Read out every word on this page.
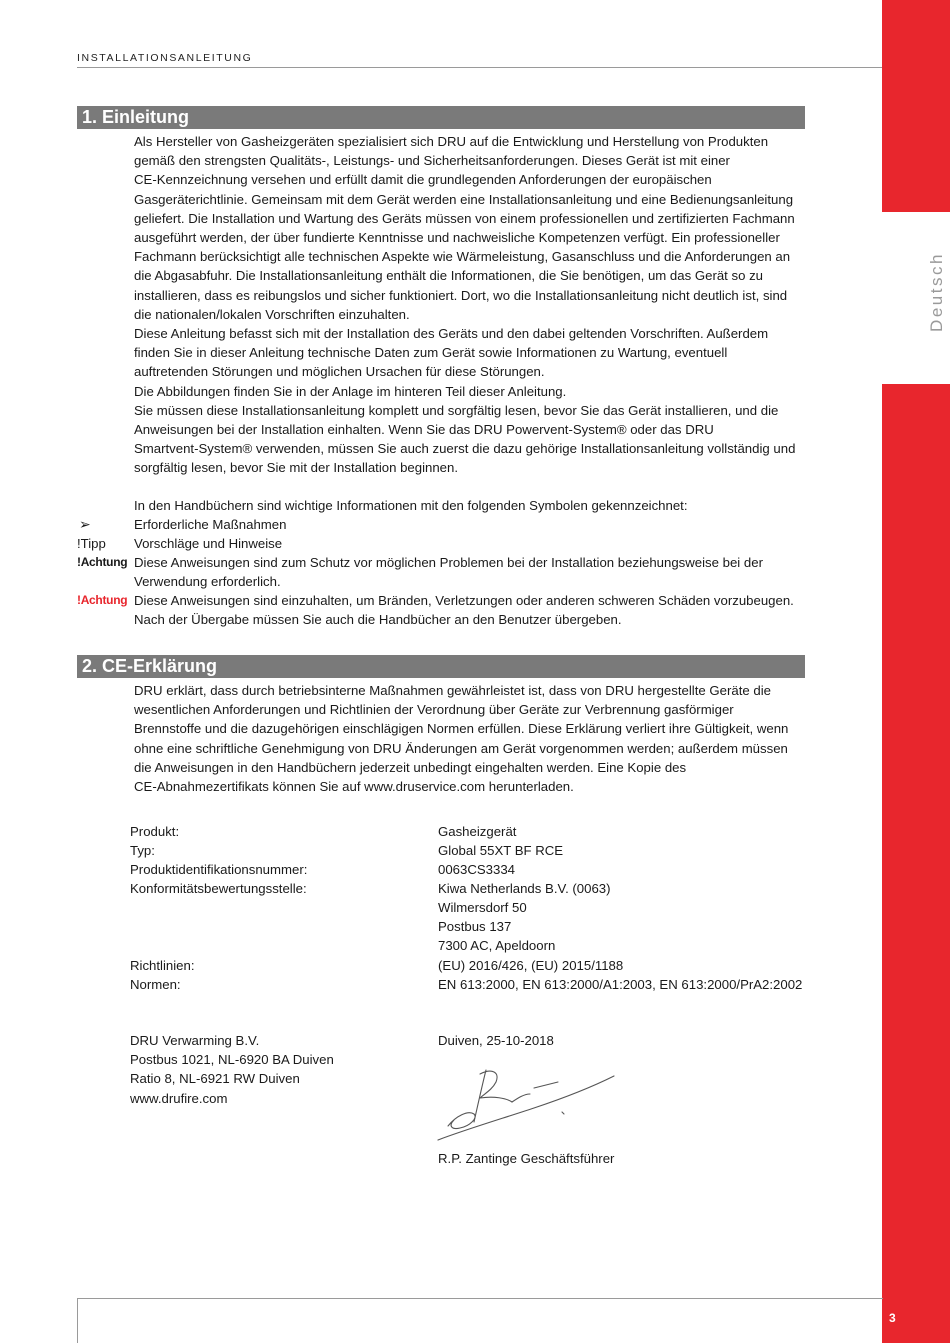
INSTALLATIONSANLEITUNG
Deutsch
1. Einleitung

Als Hersteller von Gasheizgeräten spezialisiert sich DRU auf die Entwicklung und Herstellung von Produkten

gemäß den strengsten Qualitäts-, Leistungs- und Sicherheitsanforderungen. Dieses Gerät ist mit einer

CE-Kennzeichnung versehen und erfüllt damit die grundlegenden Anforderungen der europäischen

Gasgeräterichtlinie. Gemeinsam mit dem Gerät werden eine Installationsanleitung und eine Bedienungsanleitung

geliefert. Die Installation und Wartung des Geräts müssen von einem professionellen und zertifizierten Fachmann

ausgeführt werden, der über fundierte Kenntnisse und nachweisliche Kompetenzen verfügt. Ein professioneller

Fachmann berücksichtigt alle technischen Aspekte wie Wärmeleistung, Gasanschluss und die Anforderungen an

die Abgasabfuhr. Die Installationsanleitung enthält die Informationen, die Sie benötigen, um das Gerät so zu

installieren, dass es reibungslos und sicher funktioniert. Dort, wo die Installationsanleitung nicht deutlich ist, sind

die nationalen/lokalen Vorschriften einzuhalten.

Diese Anleitung befasst sich mit der Installation des Geräts und den dabei geltenden Vorschriften. Außerdem

finden Sie in dieser Anleitung technische Daten zum Gerät sowie Informationen zu Wartung, eventuell

auftretenden Störungen und möglichen Ursachen für diese Störungen.

Die Abbildungen finden Sie in der Anlage im hinteren Teil dieser Anleitung.

Sie müssen diese Installationsanleitung komplett und sorgfältig lesen, bevor Sie das Gerät installieren, und die

Anweisungen bei der Installation einhalten. Wenn Sie das DRU Powervent-System® oder das DRU

Smartvent-System® verwenden, müssen Sie auch zuerst die dazu gehörige Installationsanleitung vollständig und

sorgfältig lesen, bevor Sie mit der Installation beginnen.

In den Handbüchern sind wichtige Informationen mit den folgenden Symbolen gekennzeichnet:
➢	Erforderliche Maßnahmen
!Tipp Vorschläge und Hinweise
!Achtung Diese Anweisungen sind zum Schutz vor möglichen Problemen bei der Installation beziehungsweise bei der
Verwendung erforderlich.
!Achtung Diese Anweisungen sind einzuhalten, um Bränden, Verletzungen oder anderen schweren Schäden vorzubeugen.
Nach der Übergabe müssen Sie auch die Handbücher an den Benutzer übergeben.
2. CE-Erklärung

DRU erklärt, dass durch betriebsinterne Maßnahmen gewährleistet ist, dass von DRU hergestellte Geräte die

wesentlichen Anforderungen und Richtlinien der Verordnung über Geräte zur Verbrennung gasförmiger

Brennstoffe und die dazugehörigen einschlägigen Normen erfüllen. Diese Erklärung verliert ihre Gültigkeit, wenn

ohne eine schriftliche Genehmigung von DRU Änderungen am Gerät vorgenommen werden; außerdem müssen

die Anweisungen in den Handbüchern jederzeit unbedingt eingehalten werden. Eine Kopie des

CE-Abnahmezertifikats können Sie auf www.druservice.com herunterladen.

Produkt:	Gasheizgerät
Typ:	Global 55XT BF RCE
Produktidentifikationsnummer:	0063CS3334
Konformitätsbewertungsstelle:	Kiwa Netherlands B.V. (0063)
Wilmersdorf 50
Postbus 137
7300 AC, Apeldoorn
Richtlinien:	(EU) 2016/426, (EU) 2015/1188
Normen:	EN 613:2000, EN 613:2000/A1:2003, EN 613:2000/PrA2:2002
DRU Verwarming B.V.
Postbus 1021, NL-6920 BA Duiven
Ratio 8, NL-6921 RW Duiven
www.drufire.com
Duiven, 25-10-2018
R.P. Zantinge Geschäftsführer
3
